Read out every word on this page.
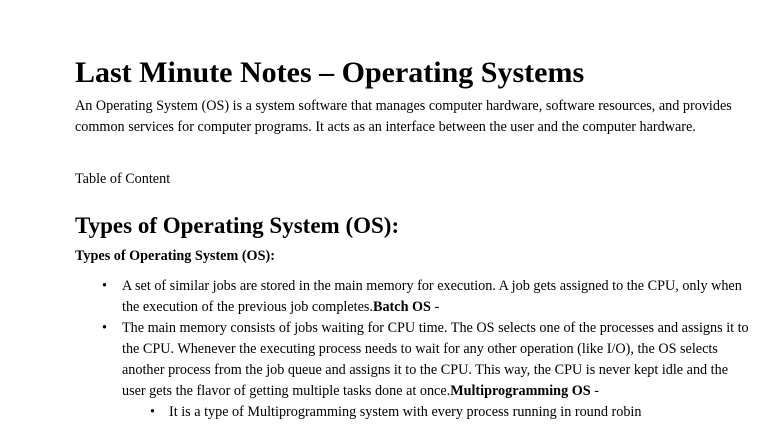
Last Minute Notes – Operating Systems

An Operating System (OS) is a system software that manages computer hardware, software resources, and provides common services for computer programs. It acts as an interface between the user and the computer hardware.

Table of Content

Types of Operating System (OS):

Types of Operating System (OS):

• A set of similar jobs are stored in the main memory for execution. A job gets assigned to the CPU, only when the execution of the previous job completes.Batch OS -
• The main memory consists of jobs waiting for CPU time. The OS selects one of the processes and assigns it to the CPU. Whenever the executing process needs to wait for any other operation (like I/O), the OS selects another process from the job queue and assigns it to the CPU. This way, the CPU is never kept idle and the user gets the flavor of getting multiple tasks done at once.Multiprogramming OS -
• It is a type of Multiprogramming system with every process running in round robin
